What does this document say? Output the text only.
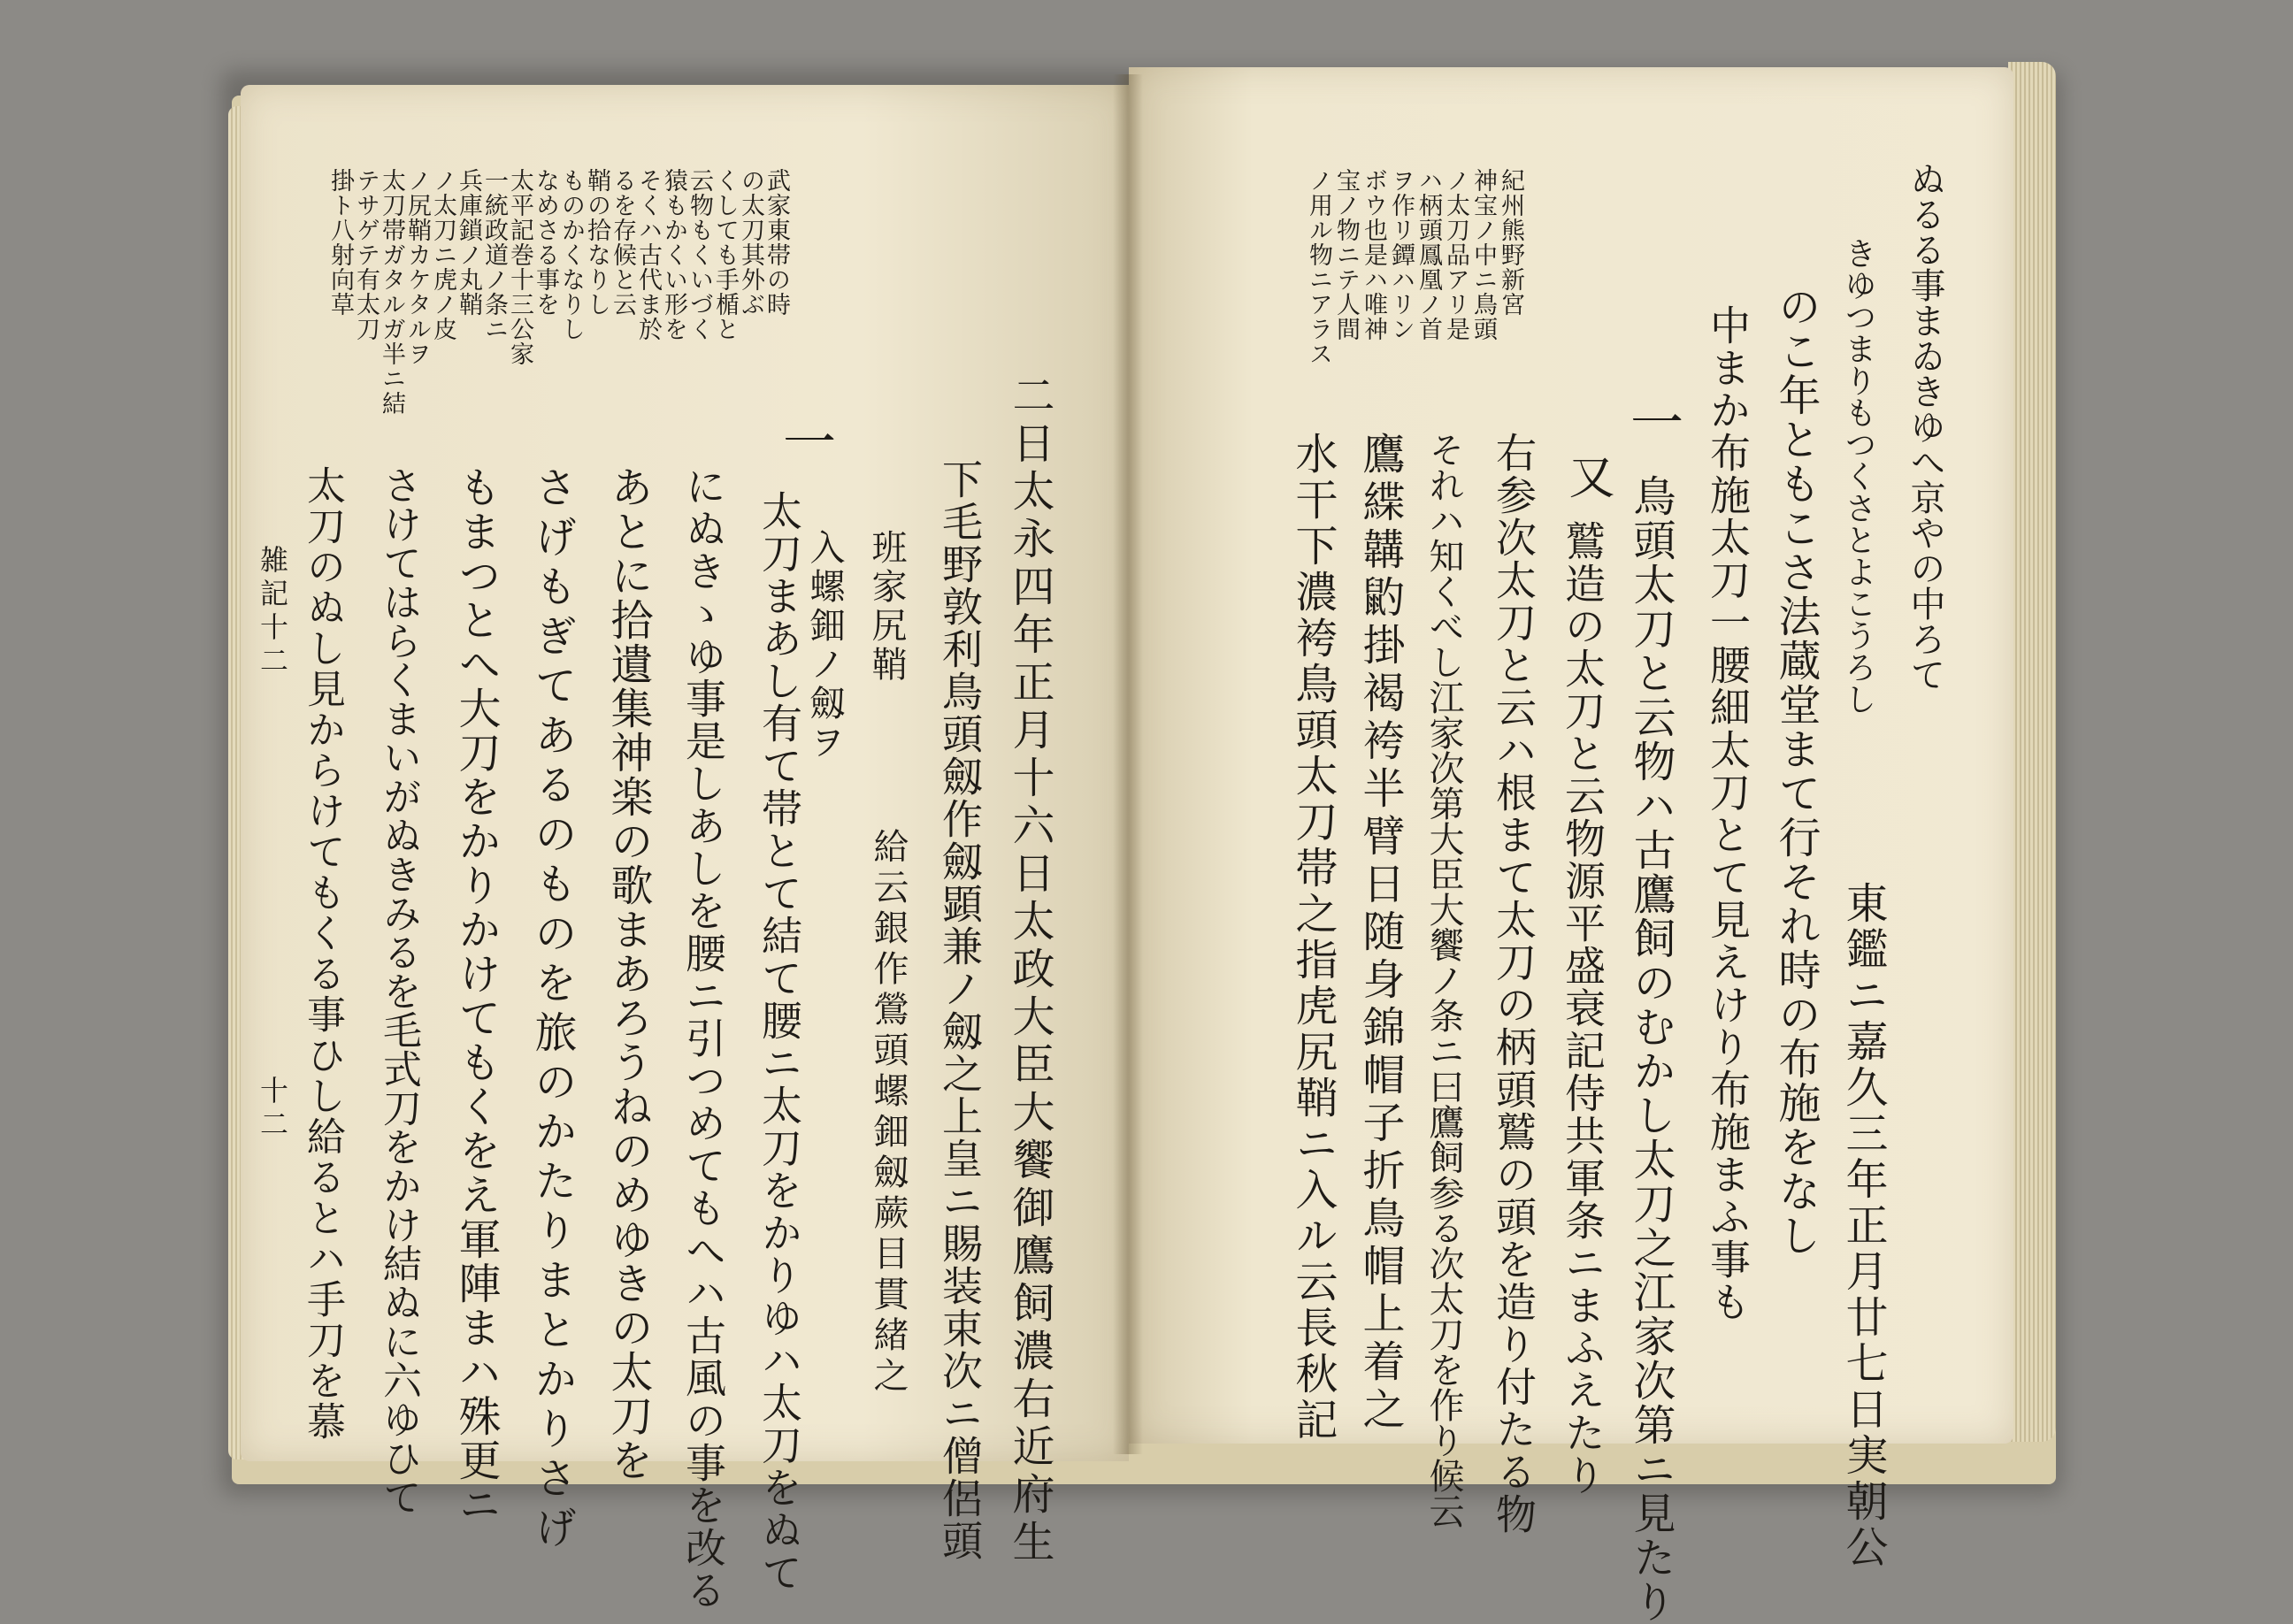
武家東帯の時
の太刀其外ぶ
くしても手楯と
云物もくいづく
猿もかくい形を
そくハ古代ま於
るを存候と云
鞘の拾なりし
ものかくなりし
なめさる事を
太平記巻十三公家
一統政道ノ条ニ
兵庫鎖ノ丸鞘
ノ太刀ニ虎ノ皮
ノ尻鞘カケタルヲ
太刀帯ガタルガ半ニ結
テサゲテ有太刀
掛ト八射向草
二日太永四年正月十六日太政大臣大饗御鷹飼濃右近府生
下毛野敦利鳥頭劔作劔顕兼ノ劔之上皇ニ賜装束次ニ僧侶頭
給云銀作鶯頭螺鈿劔蕨目貫緒之
班家尻鞘
入螺鈿ノ劔ヲ
一
太刀まあし有て帯とて結て腰ニ太刀をかりゆハ太刀をぬて
にぬきゝゆ事是しあしを腰ニ引つめてもへハ古風の事を改る
あとに拾遺集神楽の歌まあろうねのめゆきの太刀を
さげもぎてあるのものを旅のかたりまとかりさげ
もまつとへ大刀をかりかけてもくをえ軍陣まハ殊更ニ
さけてはらくまいがぬきみるを毛式刀をかけ結ぬに六ゆひて
太刀のぬし見からけてもくる事ひし給るとハ手刀を慕
雑記十二
十二
紀州熊野新宮
神宝ノ中ニ鳥頭
ノ太刀品アリ是
ハ柄頭鳳凰ノ首
ヲ作リ鐔ハリン
ボウ也是ハ唯神
宝ノ物ニテ人間
ノ用ル物ニアラス	ぬるる事まゐきゆへ京やの中ろて
きゆつまりもつくさとよこうろし
のこ年ともこさ法蔵堂まて行それ時の布施をなし
中まか布施太刀一腰細太刀とて見えけり布施まふ事も 東鑑ニ嘉久三年正月廿七日実朝公
一
鳥頭太刀と云物ハ古鷹飼のむかし太刀之江家次第ニ見たり
又
鷲造の太刀と云物源平盛衰記侍共軍条ニまふえたり
右参次太刀と云ハ根まて太刀の柄頭鷲の頭を造り付たる物
それハ知くべし江家次第大臣大饗ノ条ニ曰鷹飼参る次太刀を作り候云
鷹緤韝䶂掛褐袴半臂日随身錦帽子折鳥帽上着之
水干下濃袴鳥頭太刀帯之指虎尻鞘ニ入ル云長秋記
